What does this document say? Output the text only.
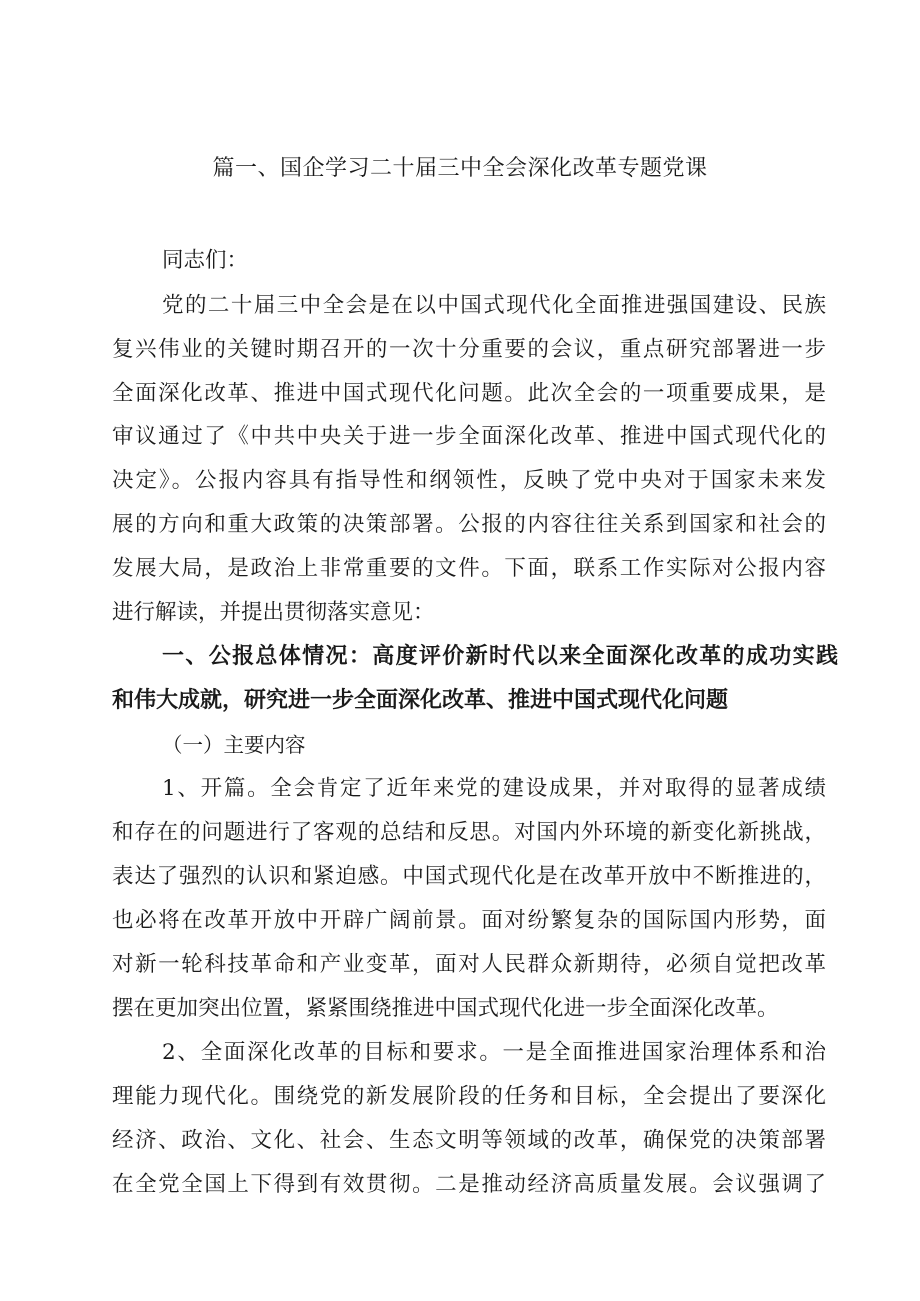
篇一、国企学习二十届三中全会深化改革专题党课
同志们：
党的二十届三中全会是在以中国式现代化全面推进强国建设、民族
复兴伟业的关键时期召开的一次十分重要的会议，重点研究部署进一步
全面深化改革、推进中国式现代化问题。此次全会的一项重要成果，是
审议通过了《中共中央关于进一步全面深化改革、推进中国式现代化的
决定》。公报内容具有指导性和纲领性，反映了党中央对于国家未来发
展的方向和重大政策的决策部署。公报的内容往往关系到国家和社会的
发展大局，是政治上非常重要的文件。下面，联系工作实际对公报内容
进行解读，并提出贯彻落实意见：
一、公报总体情况：高度评价新时代以来全面深化改革的成功实践
和伟大成就，研究进一步全面深化改革、推进中国式现代化问题
（一）主要内容
1、开篇。全会肯定了近年来党的建设成果，并对取得的显著成绩
和存在的问题进行了客观的总结和反思。对国内外环境的新变化新挑战，
表达了强烈的认识和紧迫感。中国式现代化是在改革开放中不断推进的，
也必将在改革开放中开辟广阔前景。面对纷繁复杂的国际国内形势，面
对新一轮科技革命和产业变革，面对人民群众新期待，必须自觉把改革
摆在更加突出位置，紧紧围绕推进中国式现代化进一步全面深化改革。
2、全面深化改革的目标和要求。一是全面推进国家治理体系和治
理能力现代化。围绕党的新发展阶段的任务和目标，全会提出了要深化
经济、政治、文化、社会、生态文明等领域的改革，确保党的决策部署
在全党全国上下得到有效贯彻。二是推动经济高质量发展。会议强调了
